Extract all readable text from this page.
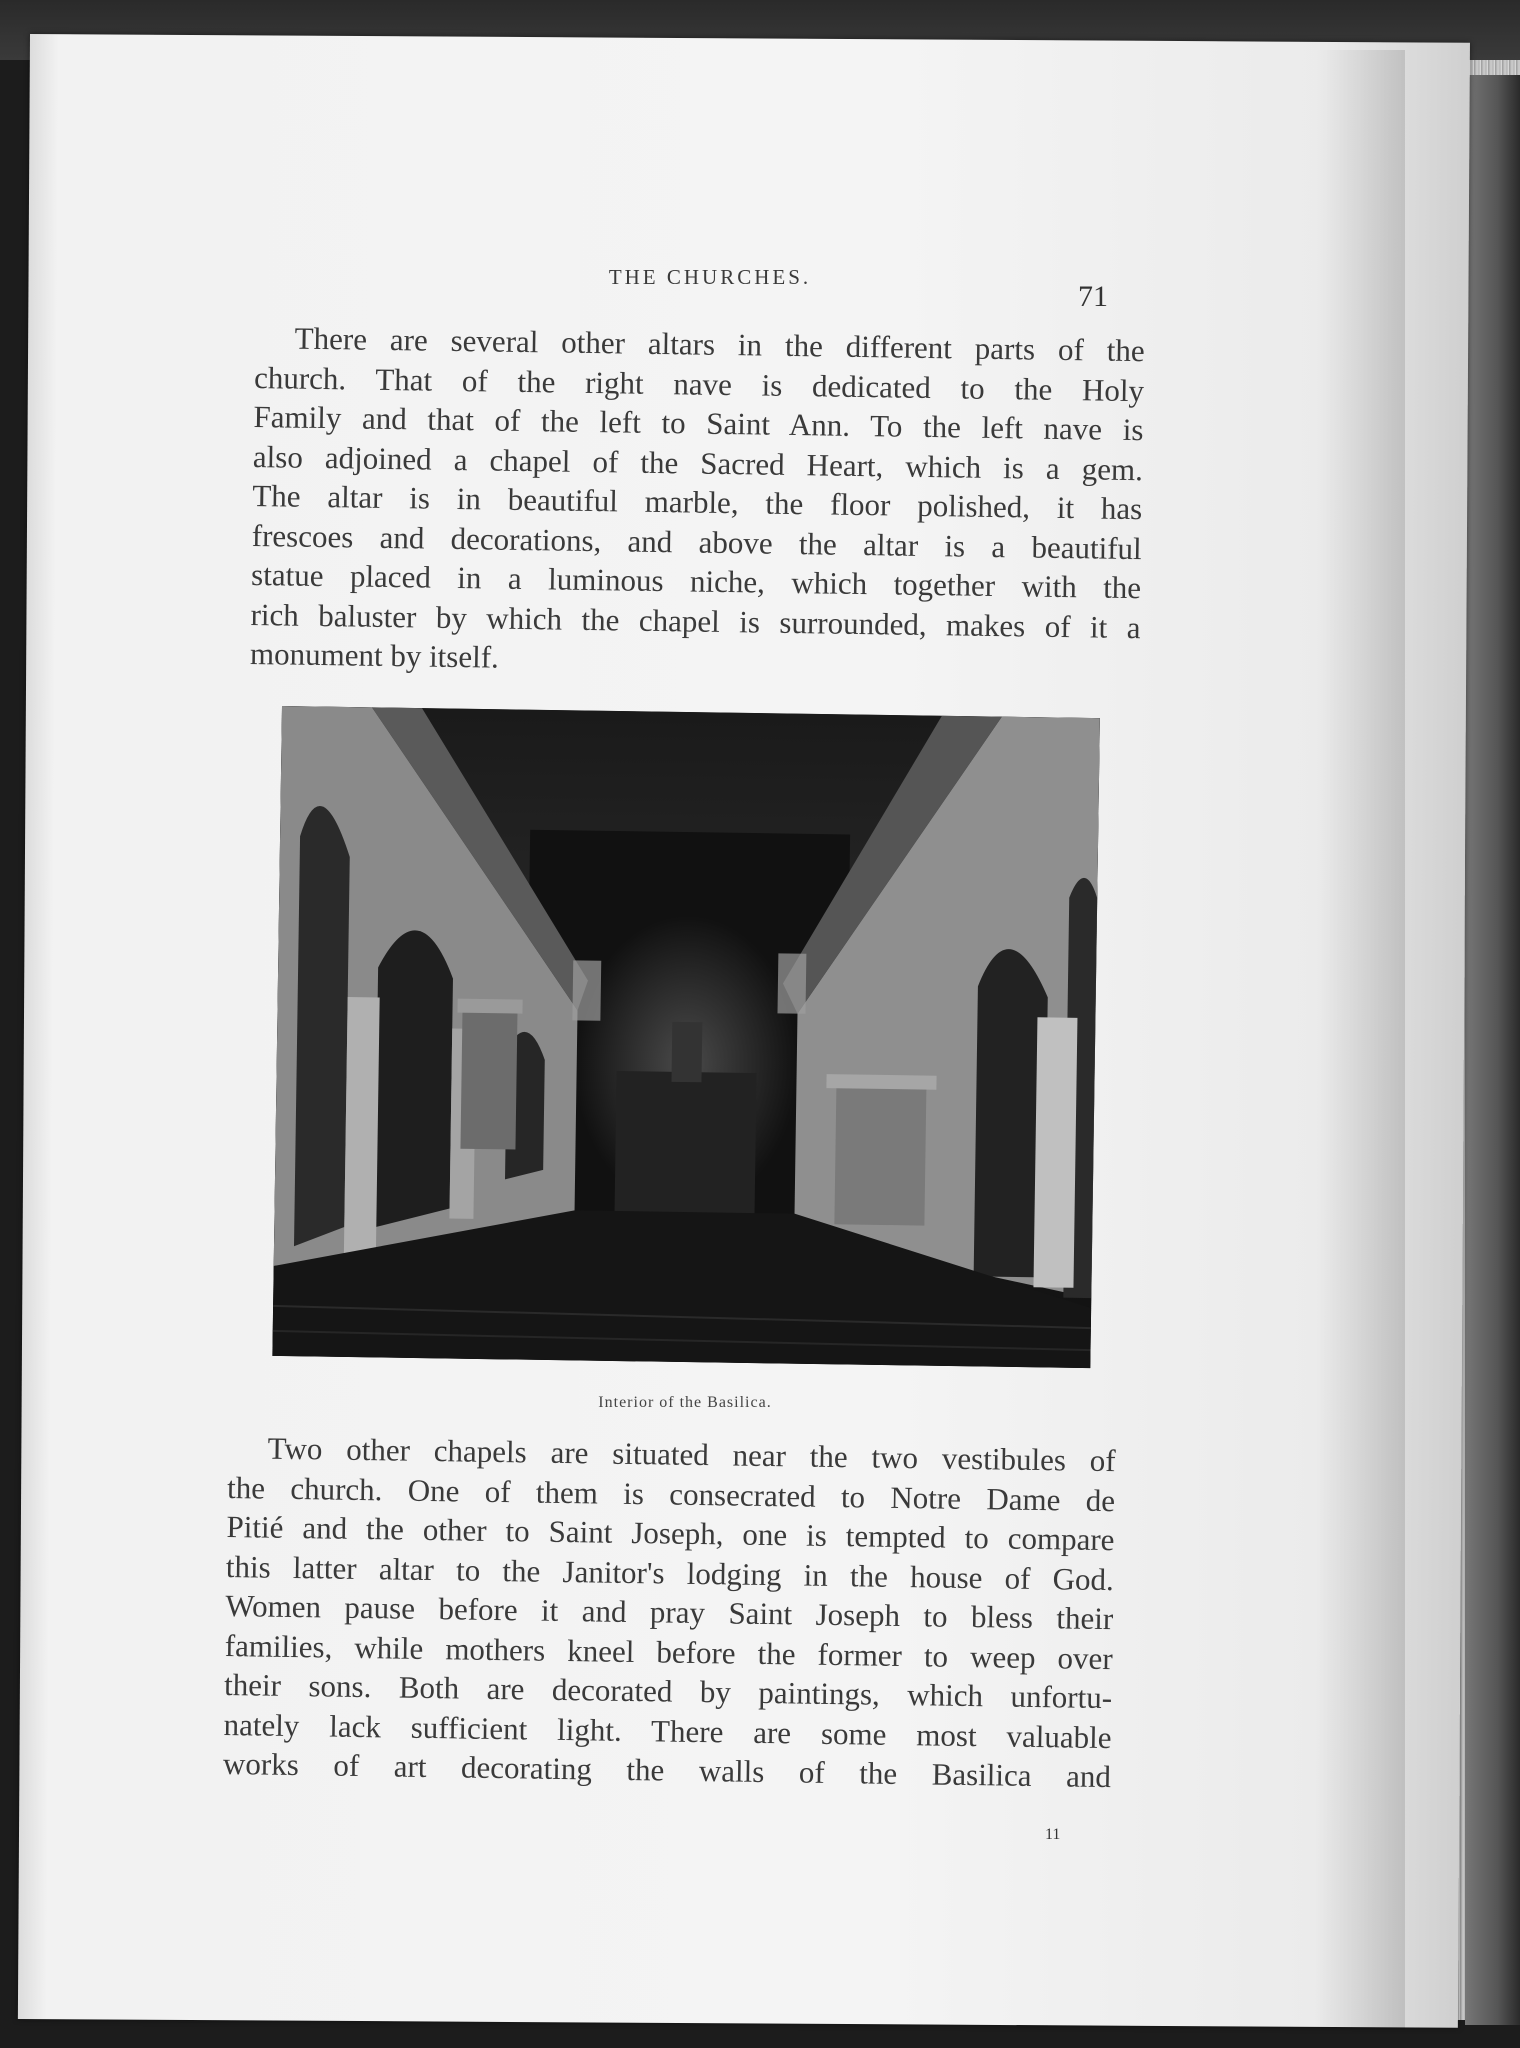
THE CHURCHES.
71
There are several other altars in the different parts of the
church. That of the right nave is dedicated to the Holy
Family and that of the left to Saint Ann. To the left nave is
also adjoined a chapel of the Sacred Heart, which is a gem.
The altar is in beautiful marble, the floor polished, it has
frescoes and decorations, and above the altar is a beautiful
statue placed in a luminous niche, which together with the
rich baluster by which the chapel is surrounded, makes of it a
monument by itself.
Interior of the Basilica.
Two other chapels are situated near the two vestibules of
the church. One of them is consecrated to Notre Dame de
Pitié and the other to Saint Joseph, one is tempted to compare
this latter altar to the Janitor's lodging in the house of God.
Women pause before it and pray Saint Joseph to bless their
families, while mothers kneel before the former to weep over
their sons. Both are decorated by paintings, which unfortu-
nately lack sufficient light. There are some most valuable
works of art decorating the walls of the Basilica and
11
